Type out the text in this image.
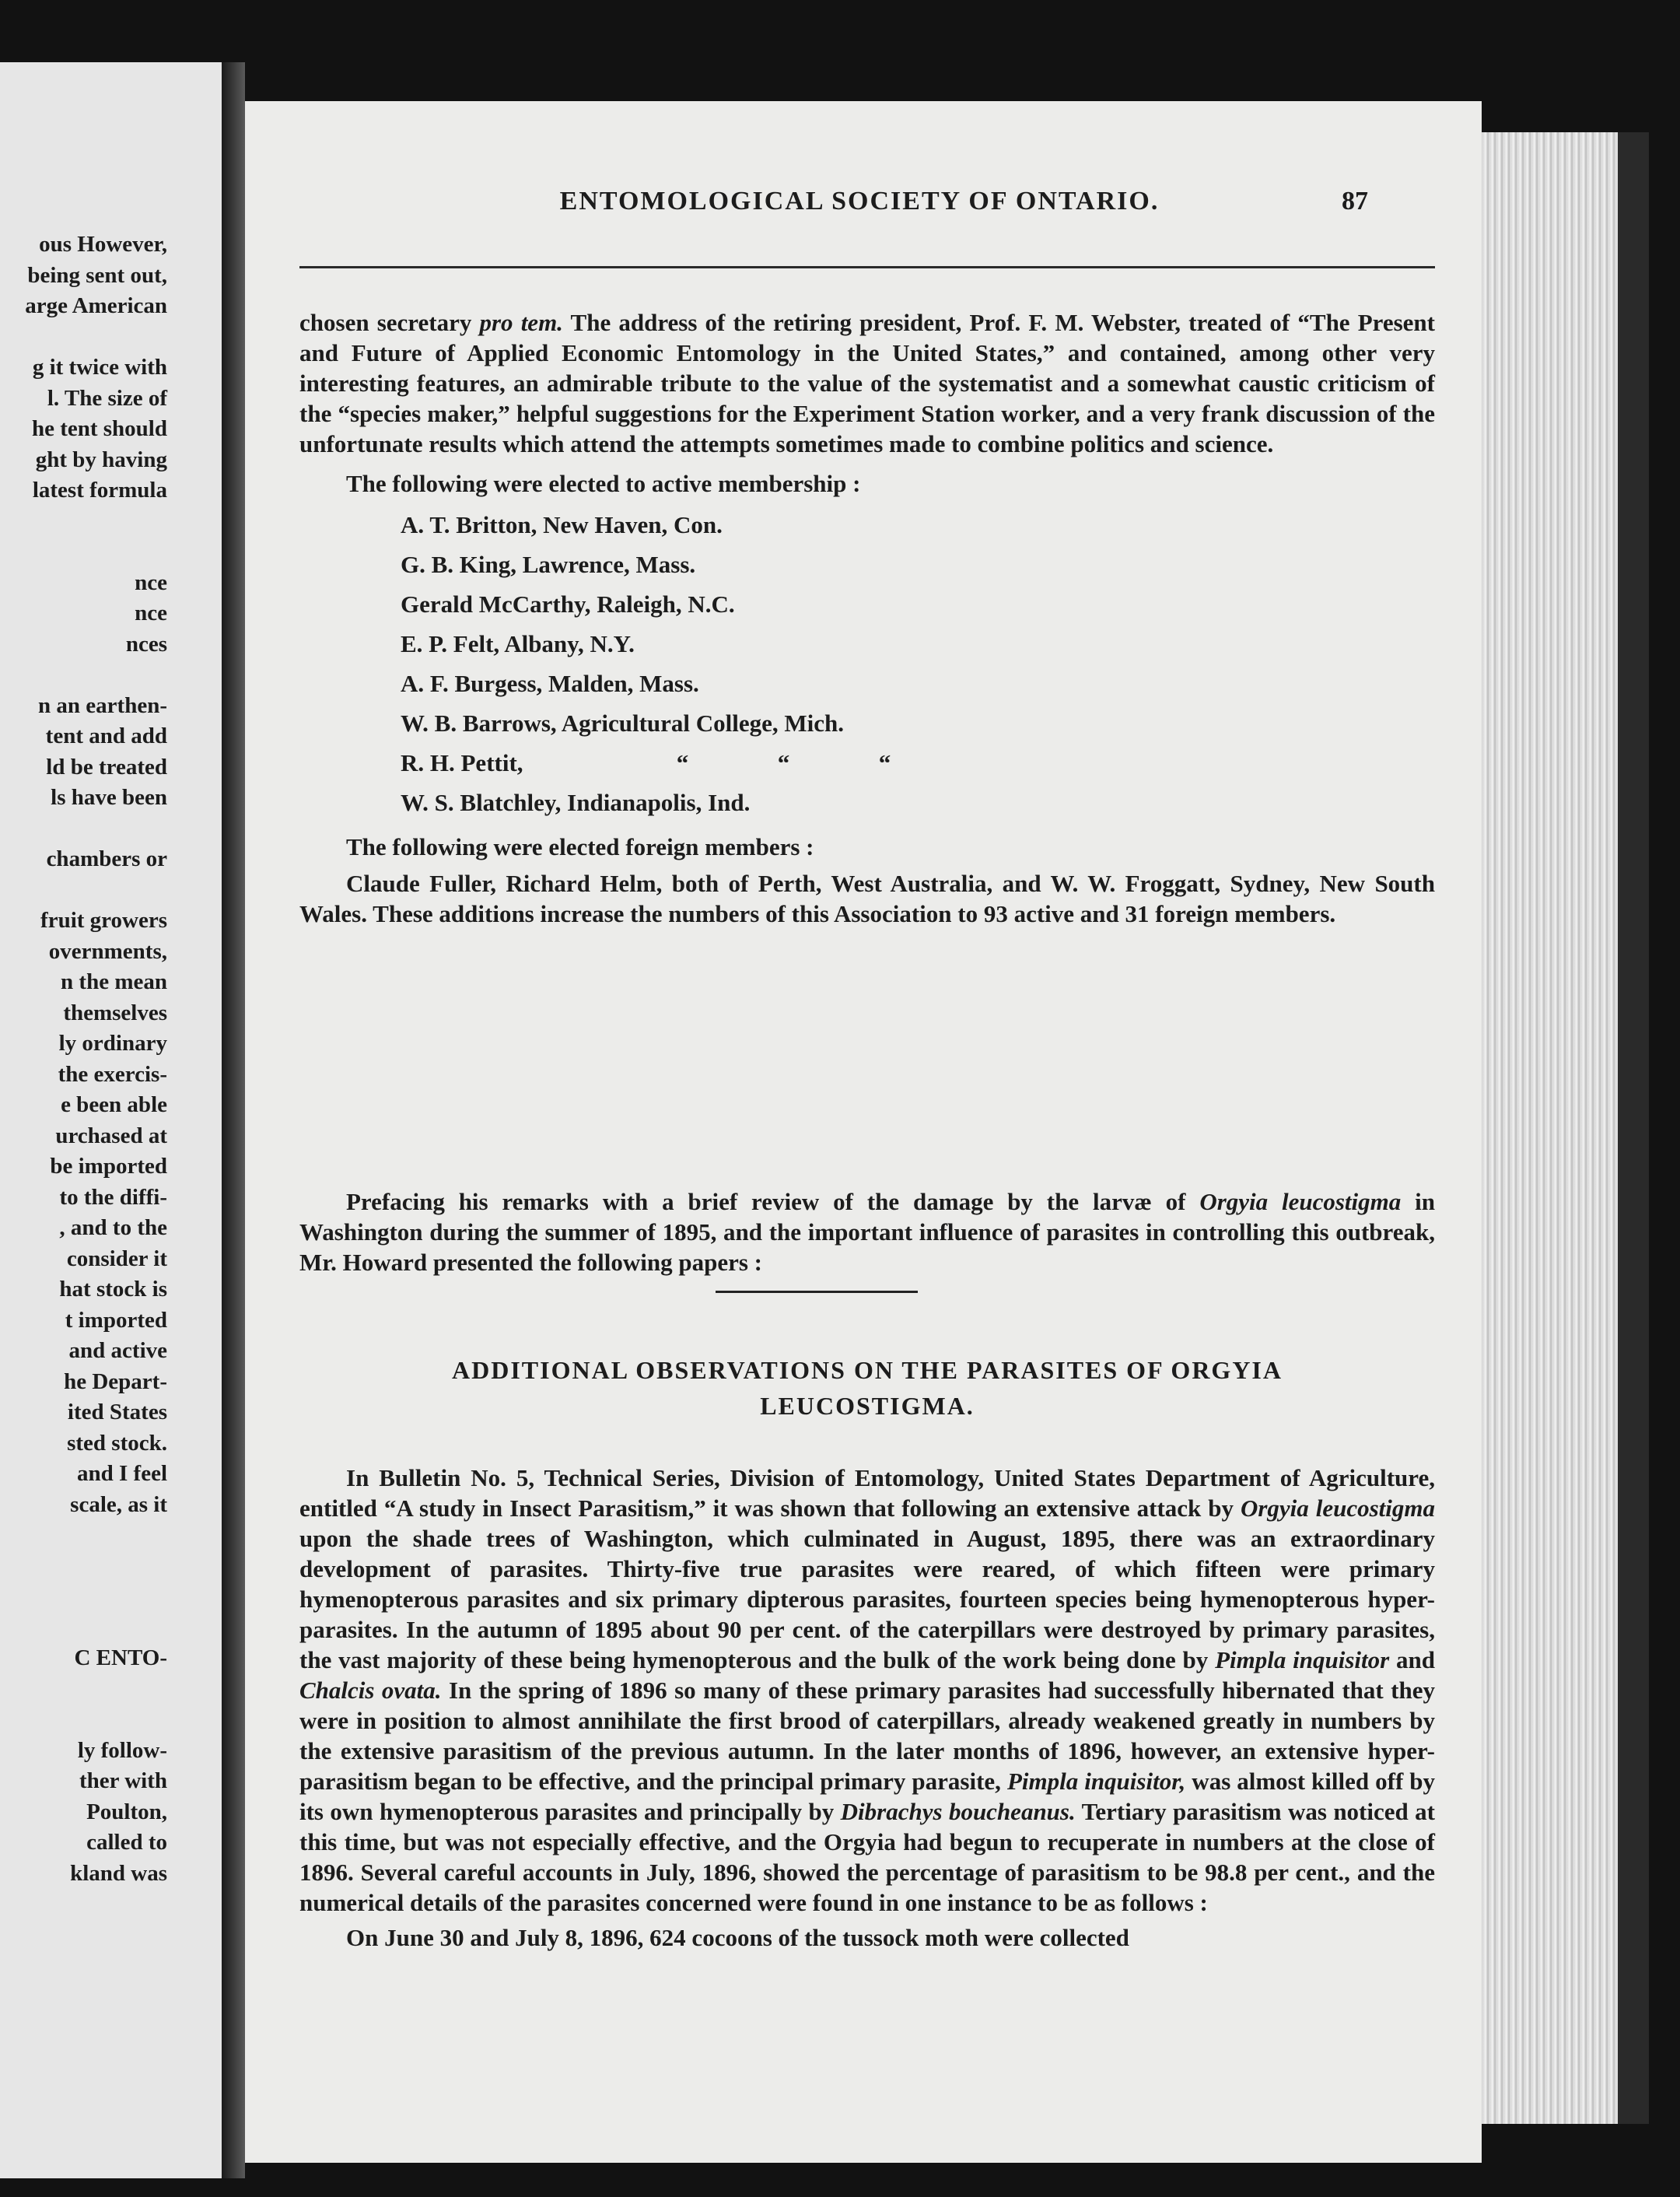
ous However,
being sent out,
arge American
g it twice with
l. The size of
he tent should
ght by having
latest formula
nce
nce
nces
n an earthen-
tent and add
ld be treated
ls have been
chambers or
fruit growers
overnments,
n the mean
themselves
ly ordinary
the exercis-
e been able
urchased at
be imported
to the diffi-
, and to the
consider it
hat stock is
t imported
and active
he Depart-
ited States
sted stock.
and I feel
scale, as it
C ENTO-
ly follow-
ther with
Poulton,
called to
kland was
ENTOMOLOGICAL SOCIETY OF ONTARIO.	87

chosen secretary pro tem. The address of the retiring president, Prof. F. M. Webster, treated of “The Present and Future of Applied Economic Entomology in the United States,” and contained, among other very interesting features, an admirable tribute to the value of the systematist and a somewhat caustic criticism of the “species maker,” helpful suggestions for the Experiment Station worker, and a very frank discussion of the unfortunate results which attend the attempts sometimes made to combine politics and science.

The following were elected to active membership :

A. T. Britton, New Haven, Con.

G. B. King, Lawrence, Mass.

Gerald McCarthy, Raleigh, N.C.

E. P. Felt, Albany, N.Y.

A. F. Burgess, Malden, Mass.

W. B. Barrows, Agricultural College, Mich.

R. H. Pettit,	“	“	“

W. S. Blatchley, Indianapolis, Ind.

The following were elected foreign members :

Claude Fuller, Richard Helm, both of Perth, West Australia, and W. W. Froggatt, Sydney, New South Wales. These additions increase the numbers of this Association to 93 active and 31 foreign members.

Prefacing his remarks with a brief review of the damage by the larvæ of Orgyia leucostigma in Washington during the summer of 1895, and the important influence of parasites in controlling this outbreak, Mr. Howard presented the following papers :

ADDITIONAL OBSERVATIONS ON THE PARASITES OF ORGYIA
LEUCOSTIGMA.

In Bulletin No. 5, Technical Series, Division of Entomology, United States Department of Agriculture, entitled “A study in Insect Parasitism,” it was shown that following an extensive attack by Orgyia leucostigma upon the shade trees of Washington, which culminated in August, 1895, there was an extraordinary development of parasites. Thirty-five true parasites were reared, of which fifteen were primary hymenopterous parasites and six primary dipterous parasites, fourteen species being hymenopterous hyper-parasites. In the autumn of 1895 about 90 per cent. of the caterpillars were destroyed by primary parasites, the vast majority of these being hymenopterous and the bulk of the work being done by Pimpla inquisitor and Chalcis ovata. In the spring of 1896 so many of these primary parasites had successfully hibernated that they were in position to almost annihilate the first brood of caterpillars, already weakened greatly in numbers by the extensive parasitism of the previous autumn. In the later months of 1896, however, an extensive hyper-parasitism began to be effective, and the principal primary parasite, Pimpla inquisitor, was almost killed off by its own hymenopterous parasites and principally by Dibrachys boucheanus. Tertiary parasitism was noticed at this time, but was not especially effective, and the Orgyia had begun to recuperate in numbers at the close of 1896. Several careful accounts in July, 1896, showed the percentage of parasitism to be 98.8 per cent., and the numerical details of the parasites concerned were found in one instance to be as follows :

On June 30 and July 8, 1896, 624 cocoons of the tussock moth were collected
